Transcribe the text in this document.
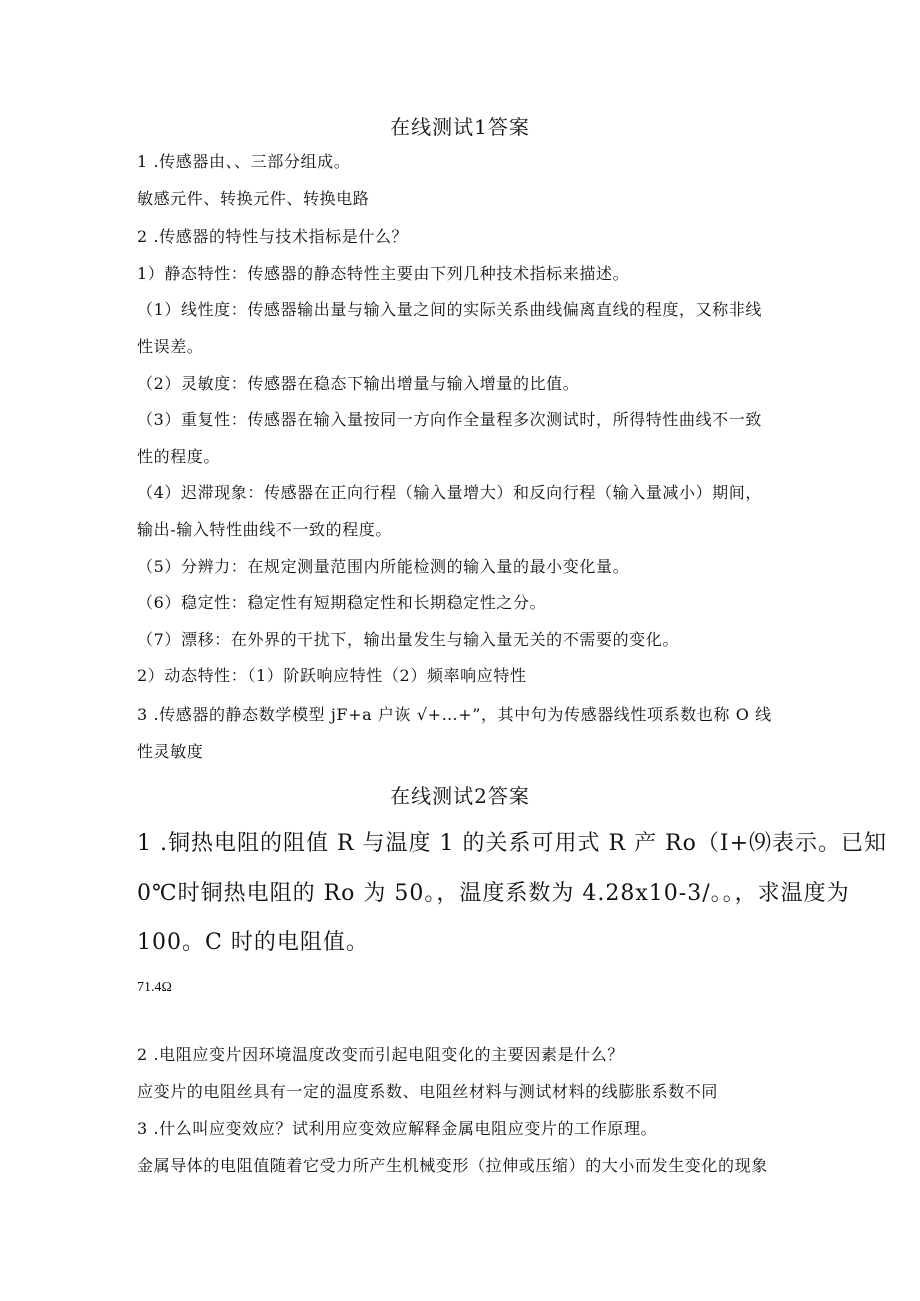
在线测试1答案
1 .传感器由、、三部分组成。
敏感元件、转换元件、转换电路
2 .传感器的特性与技术指标是什么？
1）静态特性：传感器的静态特性主要由下列几种技术指标来描述。
（1）线性度：传感器输出量与输入量之间的实际关系曲线偏离直线的程度，又称非线
性误差。
（2）灵敏度：传感器在稳态下输出增量与输入增量的比值。
（3）重复性：传感器在输入量按同一方向作全量程多次测试时，所得特性曲线不一致
性的程度。
（4）迟滞现象：传感器在正向行程（输入量增大）和反向行程（输入量减小）期间，
输出-输入特性曲线不一致的程度。
（5）分辨力：在规定测量范围内所能检测的输入量的最小变化量。
（6）稳定性：稳定性有短期稳定性和长期稳定性之分。
（7）漂移：在外界的干扰下，输出量发生与输入量无关的不需要的变化。
2）动态特性：（1）阶跃响应特性（2）频率响应特性
3 .传感器的静态数学模型 jF+a 户诙 √+…+”，其中句为传感器线性项系数也称 O 线
性灵敏度
在线测试2答案
1 .铜热电阻的阻值 R 与温度 1 的关系可用式 R 产 Ro（I+⑼表示。已知
0℃时铜热电阻的 Ro 为 50。，温度系数为 4.28x10-3/。。，求温度为
100。C 时的电阻值。
71.4Ω
2 .电阻应变片因环境温度改变而引起电阻变化的主要因素是什么？
应变片的电阻丝具有一定的温度系数、电阻丝材料与测试材料的线膨胀系数不同
3 .什么叫应变效应？试利用应变效应解释金属电阻应变片的工作原理。
金属导体的电阻值随着它受力所产生机械变形（拉伸或压缩）的大小而发生变化的现象
